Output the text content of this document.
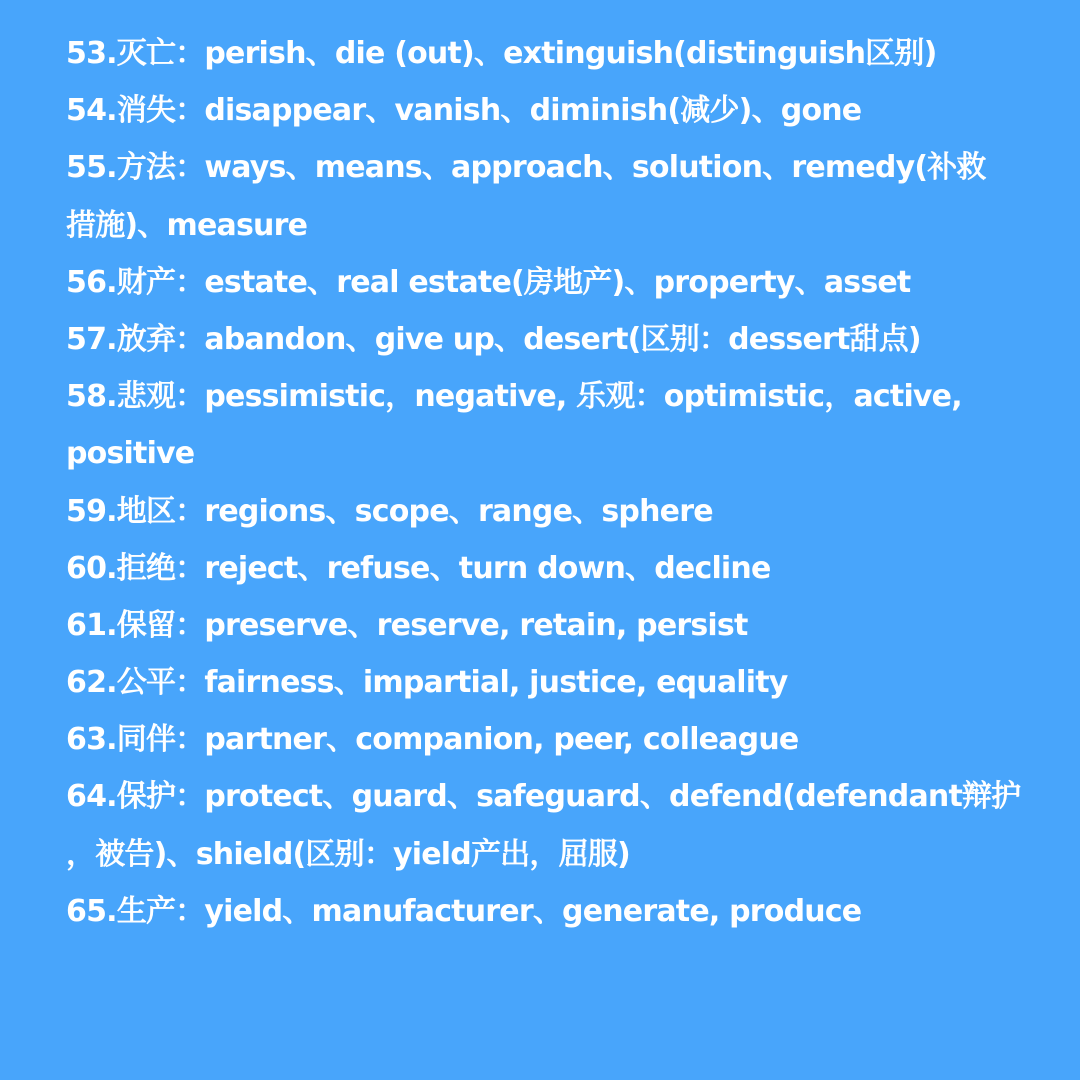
53.灭亡：perish、die (out)、extinguish(distinguish区别)
54.消失：disappear、vanish、diminish(减少)、gone
55.方法：ways、means、approach、solution、remedy(补救
措施)、measure
56.财产：estate、real estate(房地产)、property、asset
57.放弃：abandon、give up、desert(区别：dessert甜点)
58.悲观：pessimistic，negative, 乐观：optimistic，active,
positive
59.地区：regions、scope、range、sphere
60.拒绝：reject、refuse、turn down、decline
61.保留：preserve、reserve, retain, persist
62.公平：fairness、impartial, justice, equality
63.同伴：partner、companion, peer, colleague
64.保护：protect、guard、safeguard、defend(defendant辩护
，被告)、shield(区别：yield产出，屈服)
65.生产：yield、manufacturer、generate, produce
